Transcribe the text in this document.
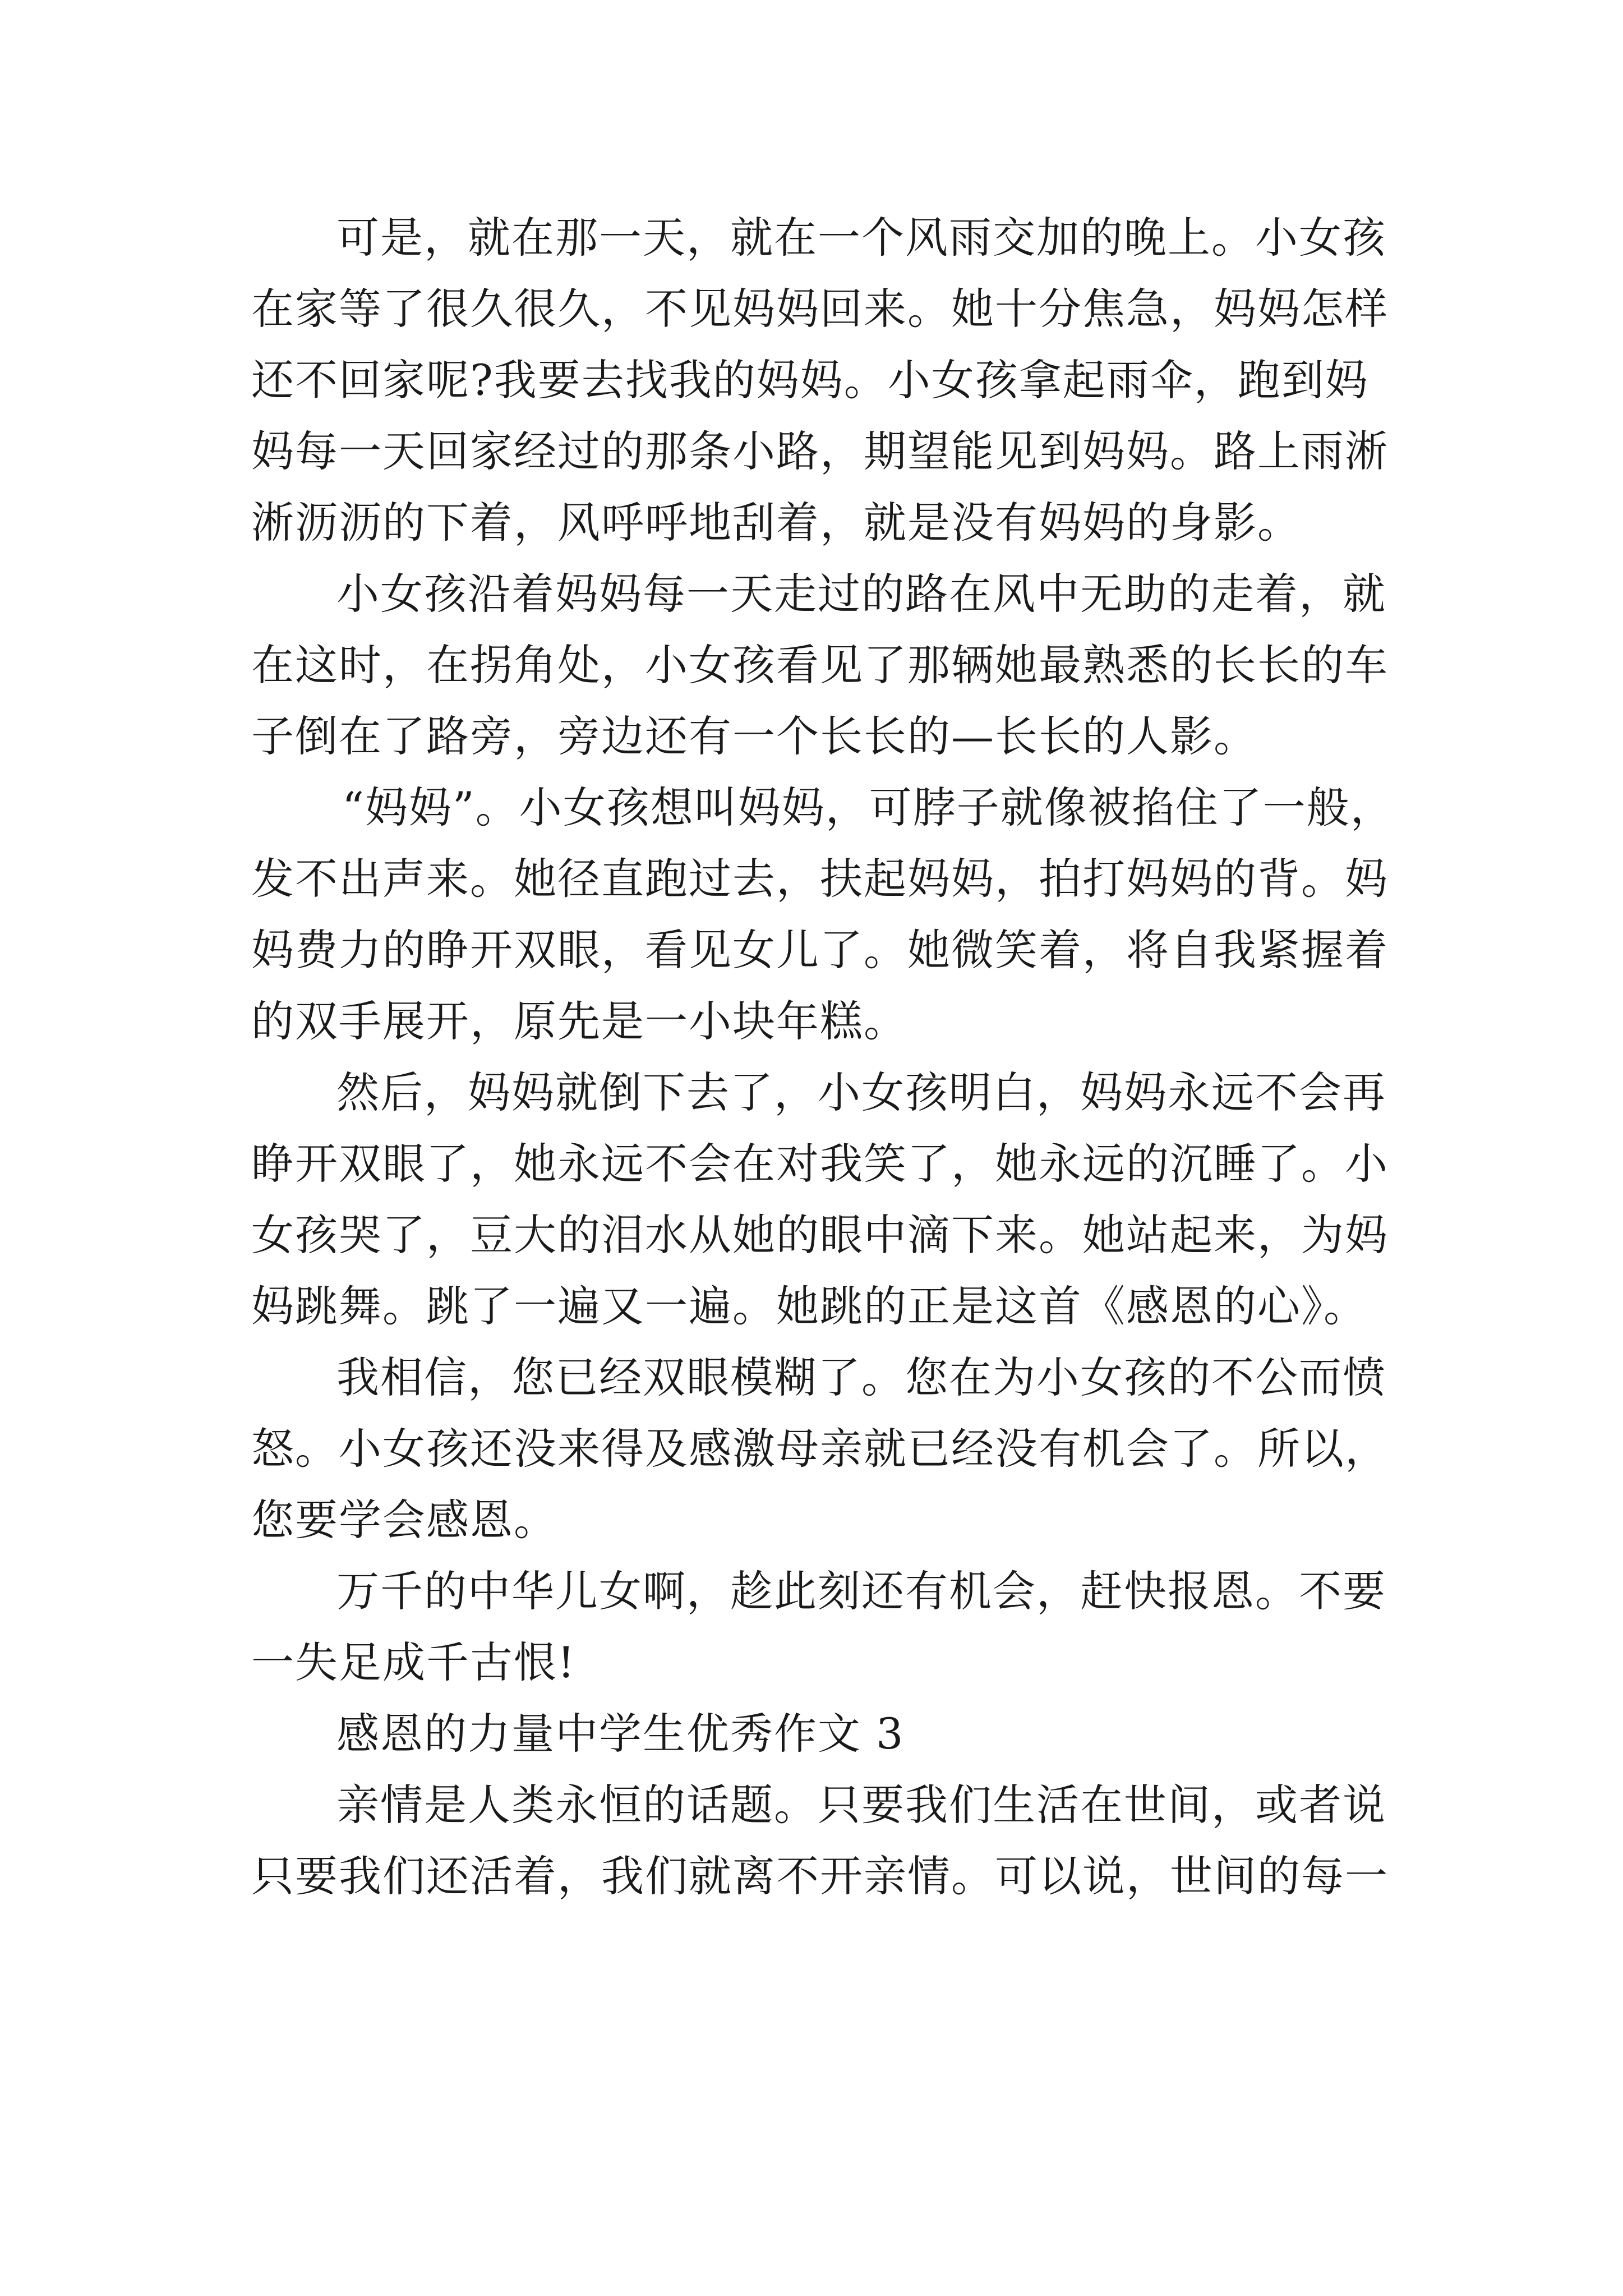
可是，就在那一天，就在一个风雨交加的晚上。小女孩
在家等了很久很久，不见妈妈回来。她十分焦急，妈妈怎样
还不回家呢?我要去找我的妈妈。小女孩拿起雨伞，跑到妈
妈每一天回家经过的那条小路，期望能见到妈妈。路上雨淅
淅沥沥的下着，风呼呼地刮着，就是没有妈妈的身影。
小女孩沿着妈妈每一天走过的路在风中无助的走着，就
在这时，在拐角处，小女孩看见了那辆她最熟悉的长长的车
子倒在了路旁，旁边还有一个长长的—长长的人影。
“妈妈”。小女孩想叫妈妈，可脖子就像被掐住了一般，
发不出声来。她径直跑过去，扶起妈妈，拍打妈妈的背。妈
妈费力的睁开双眼，看见女儿了。她微笑着，将自我紧握着
的双手展开，原先是一小块年糕。
然后，妈妈就倒下去了，小女孩明白，妈妈永远不会再
睁开双眼了，她永远不会在对我笑了，她永远的沉睡了。小
女孩哭了，豆大的泪水从她的眼中滴下来。她站起来，为妈
妈跳舞。跳了一遍又一遍。她跳的正是这首《感恩的心》。
我相信，您已经双眼模糊了。您在为小女孩的不公而愤
怒。小女孩还没来得及感激母亲就已经没有机会了。所以，
您要学会感恩。
万千的中华儿女啊，趁此刻还有机会，赶快报恩。不要
一失足成千古恨!
感恩的力量中学生优秀作文 3
亲情是人类永恒的话题。只要我们生活在世间，或者说
只要我们还活着，我们就离不开亲情。可以说，世间的每一
